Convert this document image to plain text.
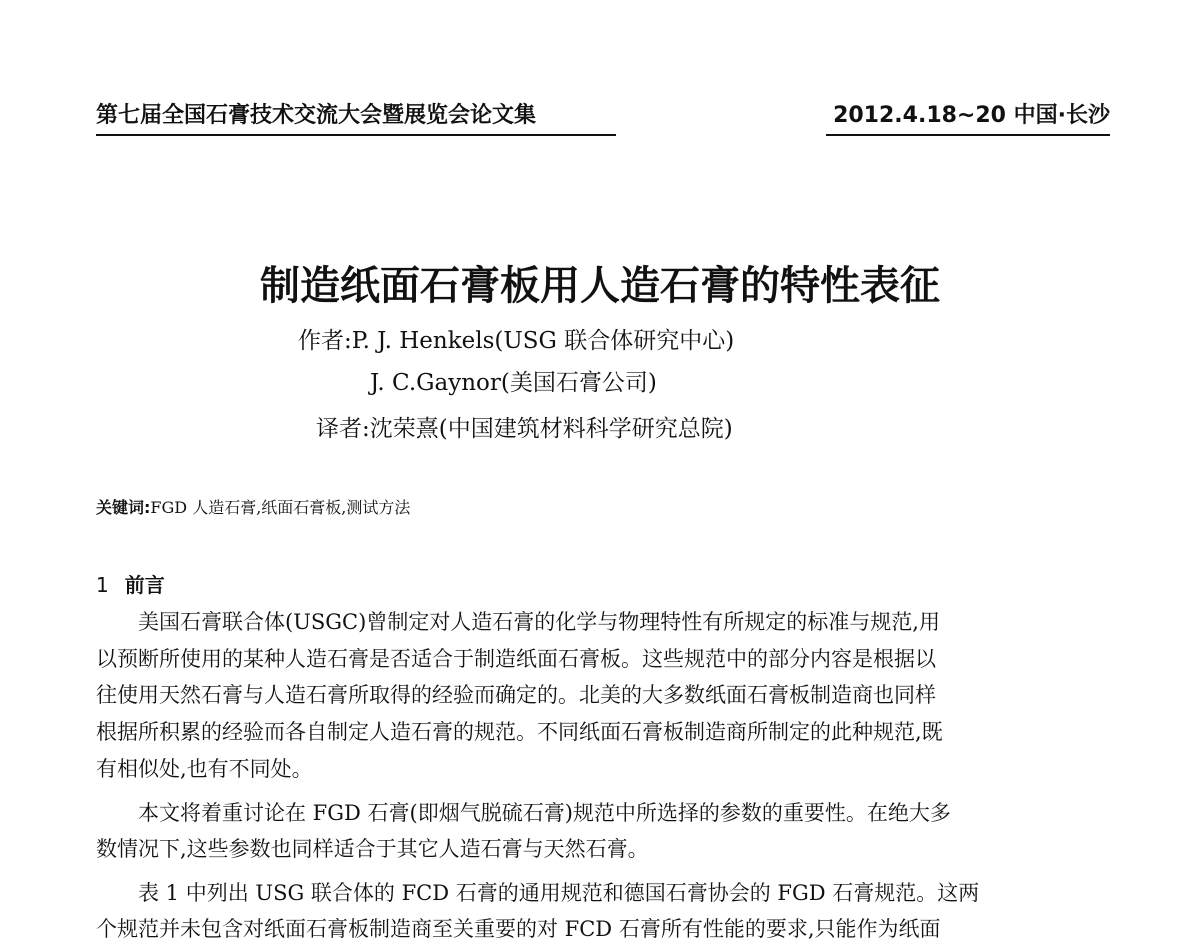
第七届全国石膏技术交流大会暨展览会论文集	2012.4.18~20 中国·长沙
制造纸面石膏板用人造石膏的特性表征
作者:P. J. Henkels(USG 联合体研究中心)
J. C.Gaynor(美国石膏公司)
译者:沈荣熹(中国建筑材料科学研究总院)
关键词:FGD 人造石膏,纸面石膏板,测试方法
1 前言
美国石膏联合体(USGC)曾制定对人造石膏的化学与物理特性有所规定的标准与规范,用
以预断所使用的某种人造石膏是否适合于制造纸面石膏板。这些规范中的部分内容是根据以
往使用天然石膏与人造石膏所取得的经验而确定的。北美的大多数纸面石膏板制造商也同样
根据所积累的经验而各自制定人造石膏的规范。不同纸面石膏板制造商所制定的此种规范,既
有相似处,也有不同处。
本文将着重讨论在 FGD 石膏(即烟气脱硫石膏)规范中所选择的参数的重要性。在绝大多
数情况下,这些参数也同样适合于其它人造石膏与天然石膏。
表 1 中列出 USG 联合体的 FCD 石膏的通用规范和德国石膏协会的 FGD 石膏规范。这两
个规范并未包含对纸面石膏板制造商至关重要的对 FCD 石膏所有性能的要求,只能作为纸面
